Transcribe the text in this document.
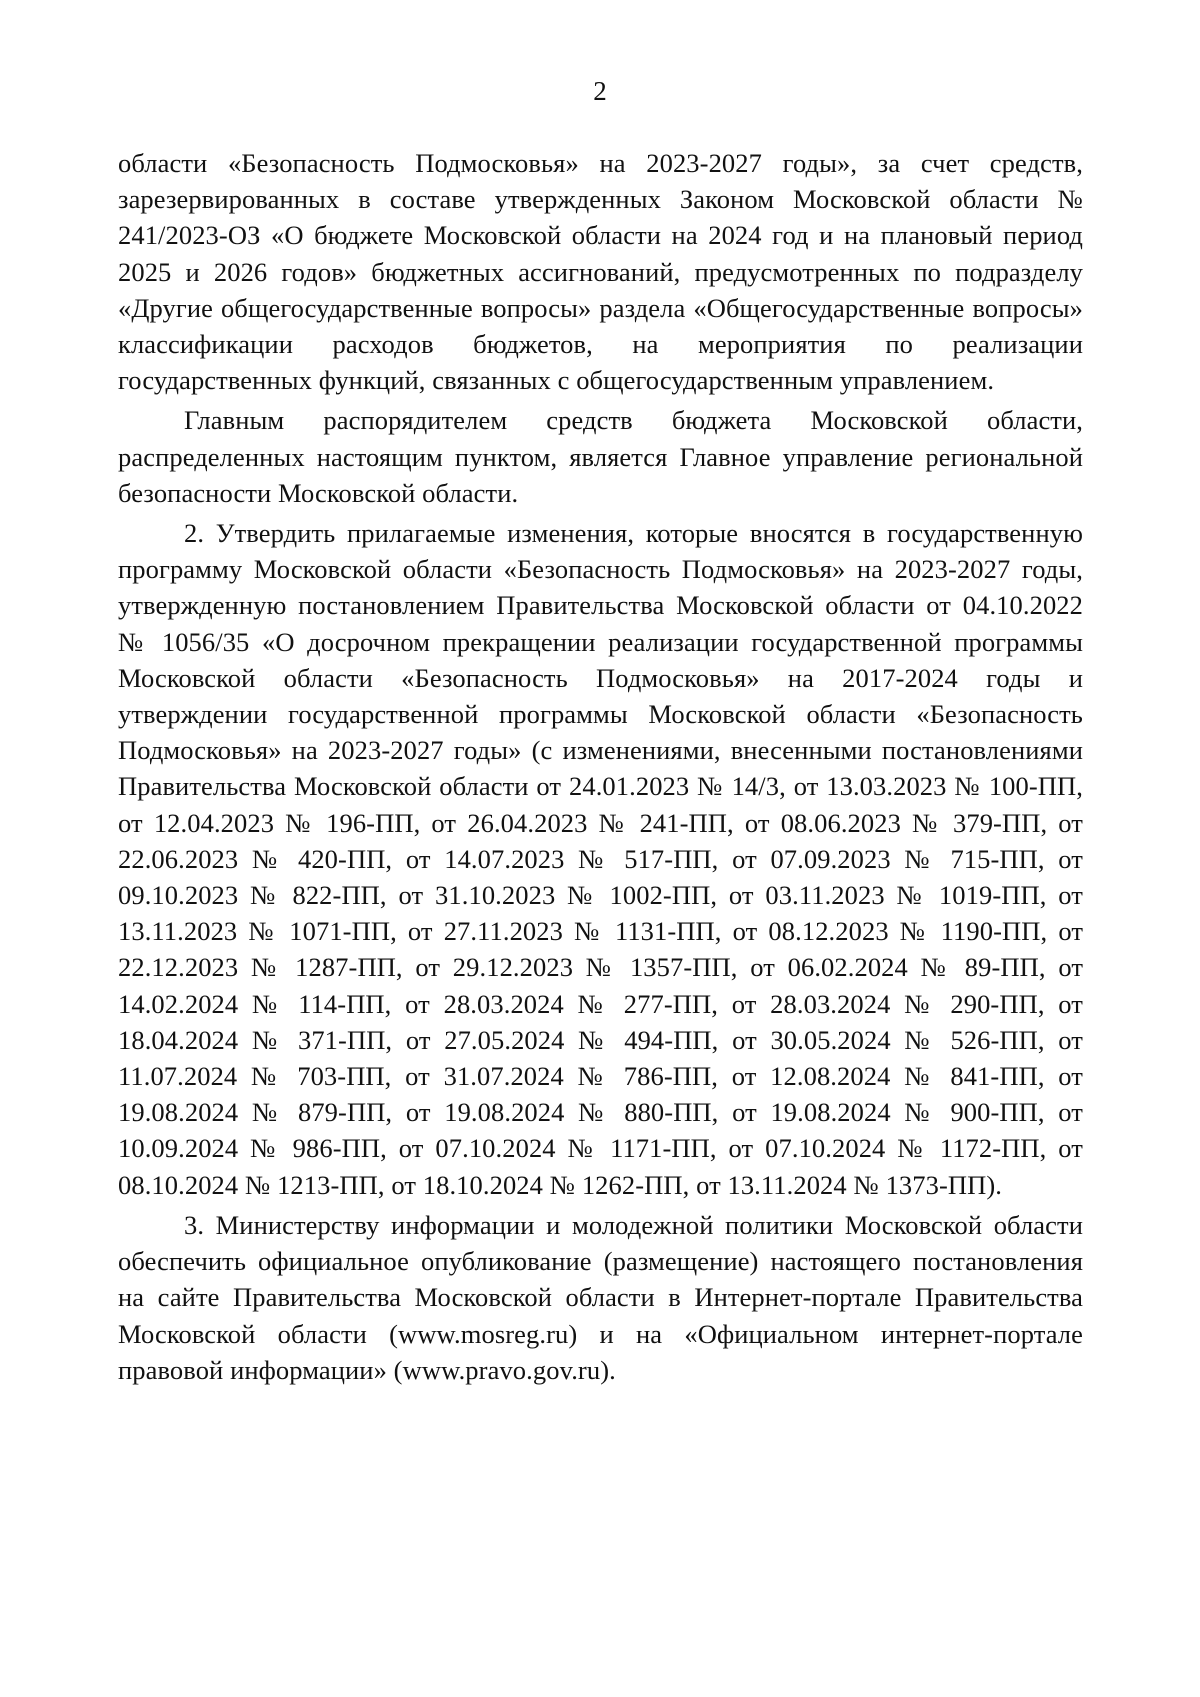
2

области «Безопасность Подмосковья» на 2023-2027 годы», за счет средств, зарезервированных в составе утвержденных Законом Московской области № 241/2023-ОЗ «О бюджете Московской области на 2024 год и на плановый период 2025 и 2026 годов» бюджетных ассигнований, предусмотренных по подразделу «Другие общегосударственные вопросы» раздела «Общегосударственные вопросы» классификации расходов бюджетов, на мероприятия по реализации государственных функций, связанных с общегосударственным управлением.

Главным распорядителем средств бюджета Московской области, распределенных настоящим пунктом, является Главное управление региональной безопасности Московской области.

2. Утвердить прилагаемые изменения, которые вносятся в государственную программу Московской области «Безопасность Подмосковья» на 2023-2027 годы, утвержденную постановлением Правительства Московской области от 04.10.2022 № 1056/35 «О досрочном прекращении реализации государственной программы Московской области «Безопасность Подмосковья» на 2017-2024 годы и утверждении государственной программы Московской области «Безопасность Подмосковья» на 2023-2027 годы» (с изменениями, внесенными постановлениями Правительства Московской области от 24.01.2023 № 14/3, от 13.03.2023 № 100-ПП, от 12.04.2023 № 196-ПП, от 26.04.2023 № 241-ПП, от 08.06.2023 № 379-ПП, от 22.06.2023 № 420-ПП, от 14.07.2023 № 517-ПП, от 07.09.2023 № 715-ПП, от 09.10.2023 № 822-ПП, от 31.10.2023 № 1002-ПП, от 03.11.2023 № 1019-ПП, от 13.11.2023 № 1071-ПП, от 27.11.2023 № 1131-ПП, от 08.12.2023 № 1190-ПП, от 22.12.2023 № 1287-ПП, от 29.12.2023 № 1357-ПП, от 06.02.2024 № 89-ПП, от 14.02.2024 № 114-ПП, от 28.03.2024 № 277-ПП, от 28.03.2024 № 290-ПП, от 18.04.2024 № 371-ПП, от 27.05.2024 № 494-ПП, от 30.05.2024 № 526-ПП, от 11.07.2024 № 703-ПП, от 31.07.2024 № 786-ПП, от 12.08.2024 № 841-ПП, от 19.08.2024 № 879-ПП, от 19.08.2024 № 880-ПП, от 19.08.2024 № 900-ПП, от 10.09.2024 № 986-ПП, от 07.10.2024 № 1171-ПП, от 07.10.2024 № 1172-ПП, от 08.10.2024 № 1213-ПП, от 18.10.2024 № 1262-ПП, от 13.11.2024 № 1373-ПП).

3. Министерству информации и молодежной политики Московской области обеспечить официальное опубликование (размещение) настоящего постановления на сайте Правительства Московской области в Интернет-портале Правительства Московской области (www.mosreg.ru) и на «Официальном интернет-портале правовой информации» (www.pravo.gov.ru).
